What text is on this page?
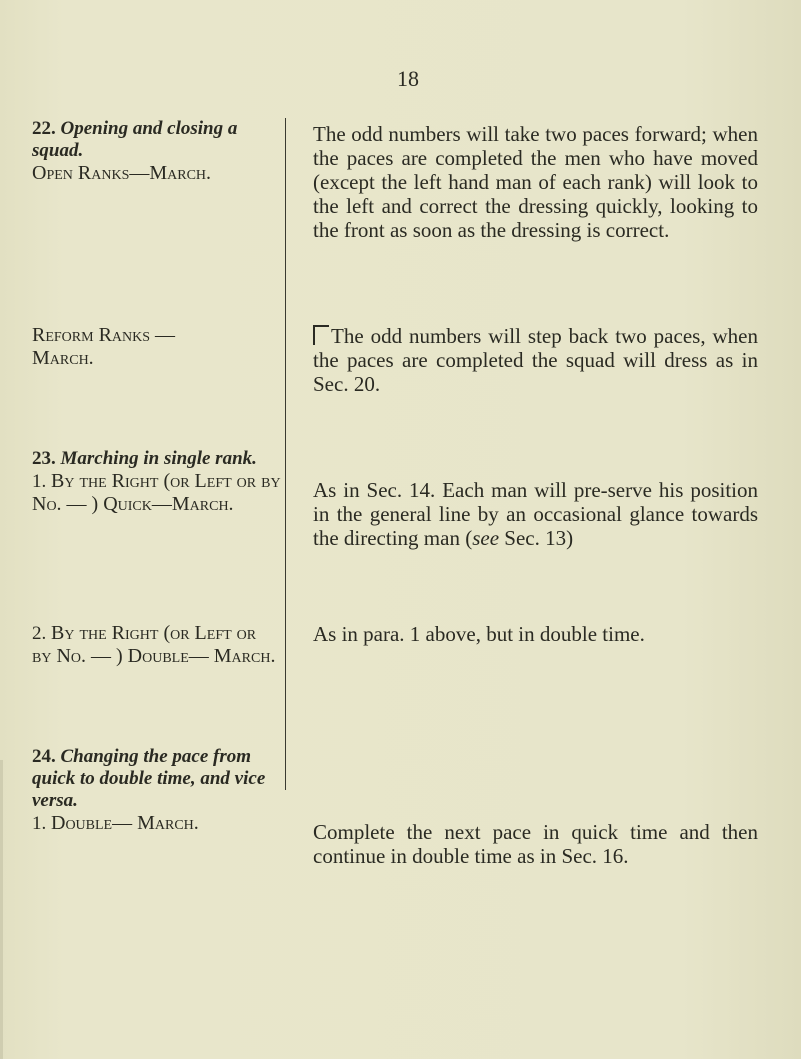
18
22. Opening and closing a squad.
Open Ranks—March.
The odd numbers will take two paces forward; when the paces are completed the men who have moved (except the left hand man of each rank) will look to the left and correct the dressing quickly, looking to the front as soon as the dressing is correct.
Reform Ranks —March.
The odd numbers will step back two paces, when the paces are completed the squad will dress as in Sec. 20.
23. Marching in single rank.
1. By the Right (or Left or by No. — ) Quick—March.
As in Sec. 14. Each man will pre-serve his position in the general line by an occasional glance towards the directing man (see Sec. 13)
2. By the Right (or Left or by No. — ) Double— March.
As in para. 1 above, but in double time.
24. Changing the pace from quick to double time, and vice versa.
1. Double— March.	Complete the next pace in quick time and then continue in double time as in Sec. 16.
